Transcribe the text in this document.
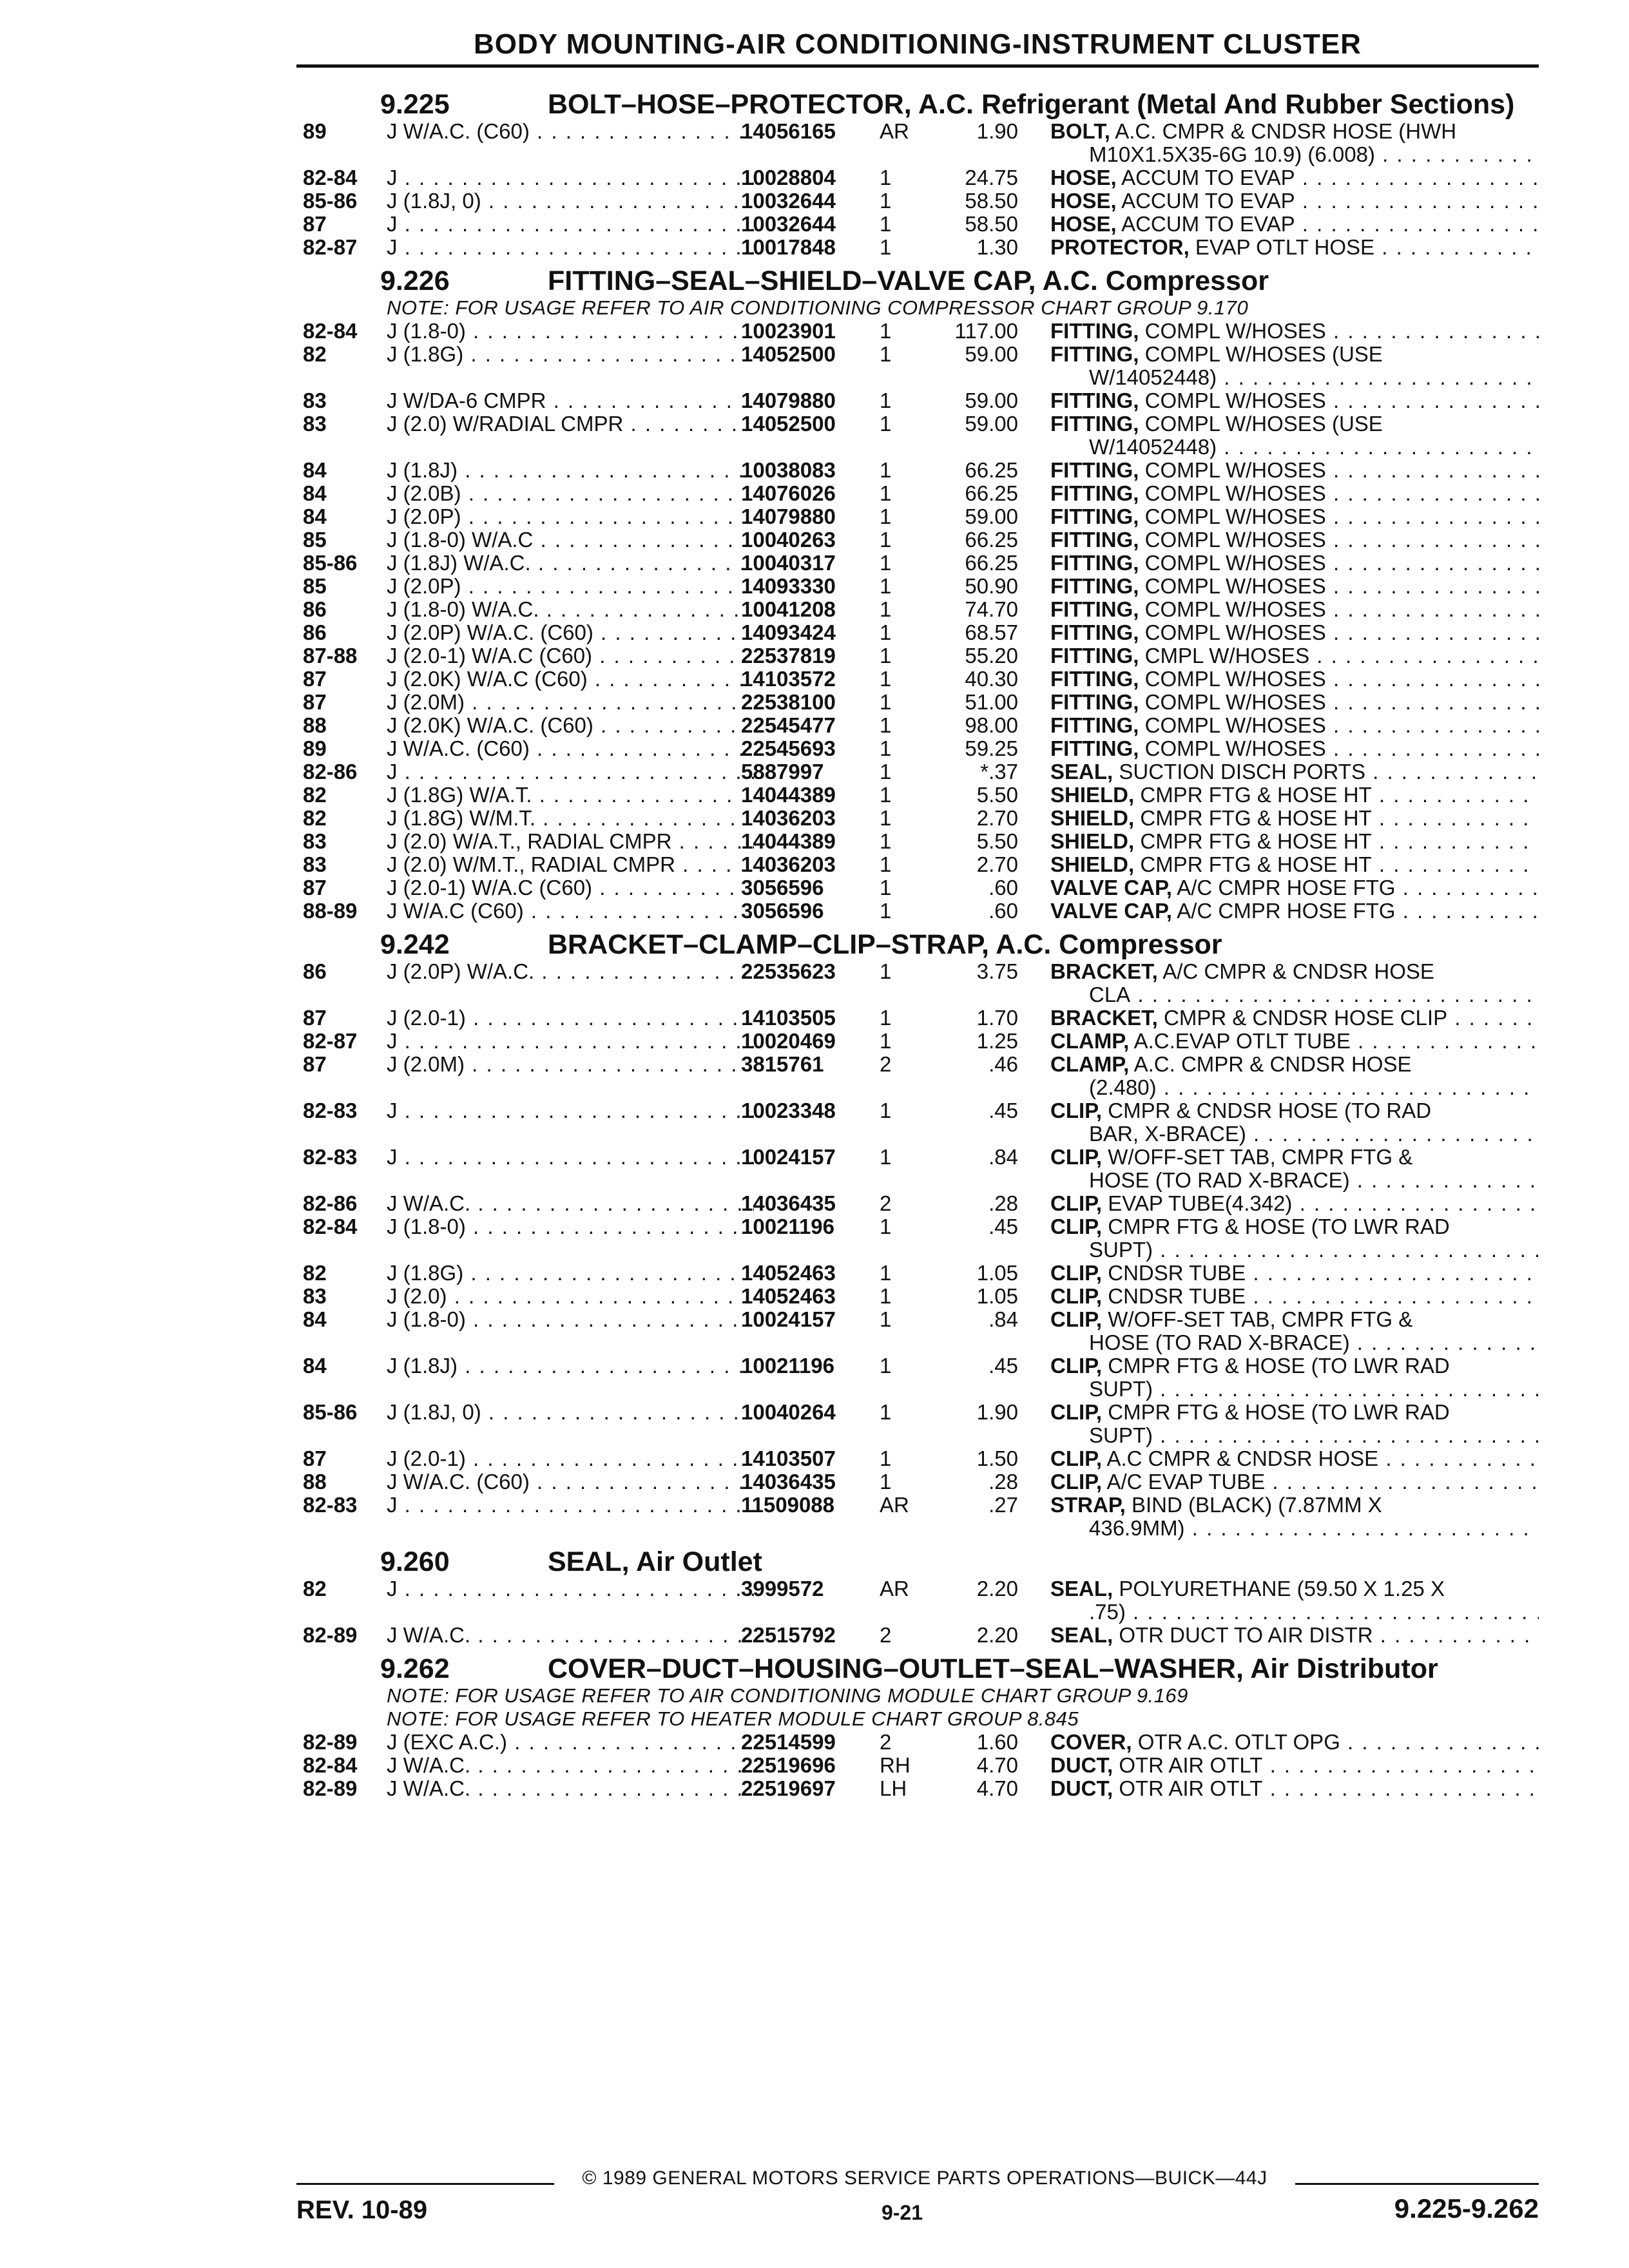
BODY MOUNTING-AIR CONDITIONING-INSTRUMENT CLUSTER
9.225	BOLT–HOSE–PROTECTOR, A.C. Refrigerant (Metal And Rubber Sections)
89	J W/A.C. (C60) . . .	14056165	AR	1.90 BOLT, A.C. CMPR & CNDSR HOSE (HWH
M10X1.5X35-6G 10.9) (6.008) . . .
82-84	J . . .	10028804	1	24.75 HOSE, ACCUM TO EVAP . . .
85-86	J (1.8J, 0) . . .	10032644	1	58.50 HOSE, ACCUM TO EVAP . . .
87	J . . .	10032644	1	58.50 HOSE, ACCUM TO EVAP . . .
82-87	J . . .	10017848	1	1.30 PROTECTOR, EVAP OTLT HOSE . . .
9.226	FITTING–SEAL–SHIELD–VALVE CAP, A.C. Compressor
NOTE: FOR USAGE REFER TO AIR CONDITIONING COMPRESSOR CHART GROUP 9.170
82-84	J (1.8-0) . . .	10023901	1	117.00 FITTING, COMPL W/HOSES . . .
82	J (1.8G) . . .	14052500	1	59.00 FITTING, COMPL W/HOSES (USE
W/14052448) . . .
83	J W/DA-6 CMPR . . .	14079880	1	59.00 FITTING, COMPL W/HOSES . . .
83	J (2.0) W/RADIAL CMPR . . .	14052500	1	59.00 FITTING, COMPL W/HOSES (USE
W/14052448) . . .
84	J (1.8J) . . .	10038083	1	66.25 FITTING, COMPL W/HOSES . . .
84	J (2.0B) . . .	14076026	1	66.25 FITTING, COMPL W/HOSES . . .
84	J (2.0P) . . .	14079880	1	59.00 FITTING, COMPL W/HOSES . . .
85	J (1.8-0) W/A.C . . .	10040263	1	66.25 FITTING, COMPL W/HOSES . . .
85-86	J (1.8J) W/A.C. . . .	10040317	1	66.25 FITTING, COMPL W/HOSES . . .
85	J (2.0P) . . .	14093330	1	50.90 FITTING, COMPL W/HOSES . . .
86	J (1.8-0) W/A.C. . . .	10041208	1	74.70 FITTING, COMPL W/HOSES . . .
86	J (2.0P) W/A.C. (C60) . . .	14093424	1	68.57 FITTING, COMPL W/HOSES . . .
87-88	J (2.0-1) W/A.C (C60) . . .	22537819	1	55.20 FITTING, CMPL W/HOSES . . .
87	J (2.0K) W/A.C (C60) . . .	14103572	1	40.30 FITTING, COMPL W/HOSES . . .
87	J (2.0M) . . .	22538100	1	51.00 FITTING, COMPL W/HOSES . . .
88	J (2.0K) W/A.C. (C60) . . .	22545477	1	98.00 FITTING, COMPL W/HOSES . . .
89	J W/A.C. (C60) . . .	22545693	1	59.25 FITTING, COMPL W/HOSES . . .
82-86	J . . .	5887997	1	*.37 SEAL, SUCTION DISCH PORTS . . .
82	J (1.8G) W/A.T. . . .	14044389	1	5.50 SHIELD, CMPR FTG & HOSE HT . . .
82	J (1.8G) W/M.T. . . .	14036203	1	2.70 SHIELD, CMPR FTG & HOSE HT . . .
83	J (2.0) W/A.T., RADIAL CMPR . . .	14044389	1	5.50 SHIELD, CMPR FTG & HOSE HT . . .
83	J (2.0) W/M.T., RADIAL CMPR . . .	14036203	1	2.70 SHIELD, CMPR FTG & HOSE HT . . .
87	J (2.0-1) W/A.C (C60) . . .	3056596	1	.60 VALVE CAP, A/C CMPR HOSE FTG . . .
88-89	J W/A.C (C60) . . .	3056596	1	.60 VALVE CAP, A/C CMPR HOSE FTG . . .
9.242	BRACKET–CLAMP–CLIP–STRAP, A.C. Compressor
86	J (2.0P) W/A.C. . . .	22535623	1	3.75 BRACKET, A/C CMPR & CNDSR HOSE
CLA . . .
87	J (2.0-1) . . .	14103505	1	1.70 BRACKET, CMPR & CNDSR HOSE CLIP . . .
82-87	J . . .	10020469	1	1.25 CLAMP, A.C.EVAP OTLT TUBE . . .
87	J (2.0M) . . .	3815761	2	.46 CLAMP, A.C. CMPR & CNDSR HOSE
(2.480) . . .
82-83	J . . .	10023348	1	.45 CLIP, CMPR & CNDSR HOSE (TO RAD
BAR, X-BRACE) . . .
82-83	J . . .	10024157	1	.84 CLIP, W/OFF-SET TAB, CMPR FTG &
HOSE (TO RAD X-BRACE) . . .
82-86	J W/A.C. . . .	14036435	2	.28 CLIP, EVAP TUBE(4.342) . . .
82-84	J (1.8-0) . . .	10021196	1	.45 CLIP, CMPR FTG & HOSE (TO LWR RAD
SUPT) . . .
82	J (1.8G) . . .	14052463	1	1.05 CLIP, CNDSR TUBE . . .
83	J (2.0) . . .	14052463	1	1.05 CLIP, CNDSR TUBE . . .
84	J (1.8-0) . . .	10024157	1	.84 CLIP, W/OFF-SET TAB, CMPR FTG &
HOSE (TO RAD X-BRACE) . . .
84	J (1.8J) . . .	10021196	1	.45 CLIP, CMPR FTG & HOSE (TO LWR RAD
SUPT) . . .
85-86	J (1.8J, 0) . . .	10040264	1	1.90 CLIP, CMPR FTG & HOSE (TO LWR RAD
SUPT) . . .
87	J (2.0-1) . . .	14103507	1	1.50 CLIP, A.C CMPR & CNDSR HOSE . . .
88	J W/A.C. (C60) . . .	14036435	1	.28 CLIP, A/C EVAP TUBE . . .
82-83	J . . .	11509088	AR	.27 STRAP, BIND (BLACK) (7.87MM X
436.9MM) . . .
9.260	SEAL, Air Outlet
82	J . . .	3999572	AR	2.20 SEAL, POLYURETHANE (59.50 X 1.25 X
.75) . . .
82-89	J W/A.C. . . .	22515792	2	2.20 SEAL, OTR DUCT TO AIR DISTR . . .
9.262	COVER–DUCT–HOUSING–OUTLET–SEAL–WASHER, Air Distributor
NOTE: FOR USAGE REFER TO AIR CONDITIONING MODULE CHART GROUP 9.169
NOTE: FOR USAGE REFER TO HEATER MODULE CHART GROUP 8.845
82-89	J (EXC A.C.) . . .	22514599	2	1.60 COVER, OTR A.C. OTLT OPG . . .
82-84	J W/A.C. . . .	22519696	RH	4.70 DUCT, OTR AIR OTLT . . .
82-89	J W/A.C. . . .	22519697	LH	4.70 DUCT, OTR AIR OTLT . . .
© 1989 GENERAL MOTORS SERVICE PARTS OPERATIONS—BUICK—44J
REV. 10-89	9-21	9.225-9.262
